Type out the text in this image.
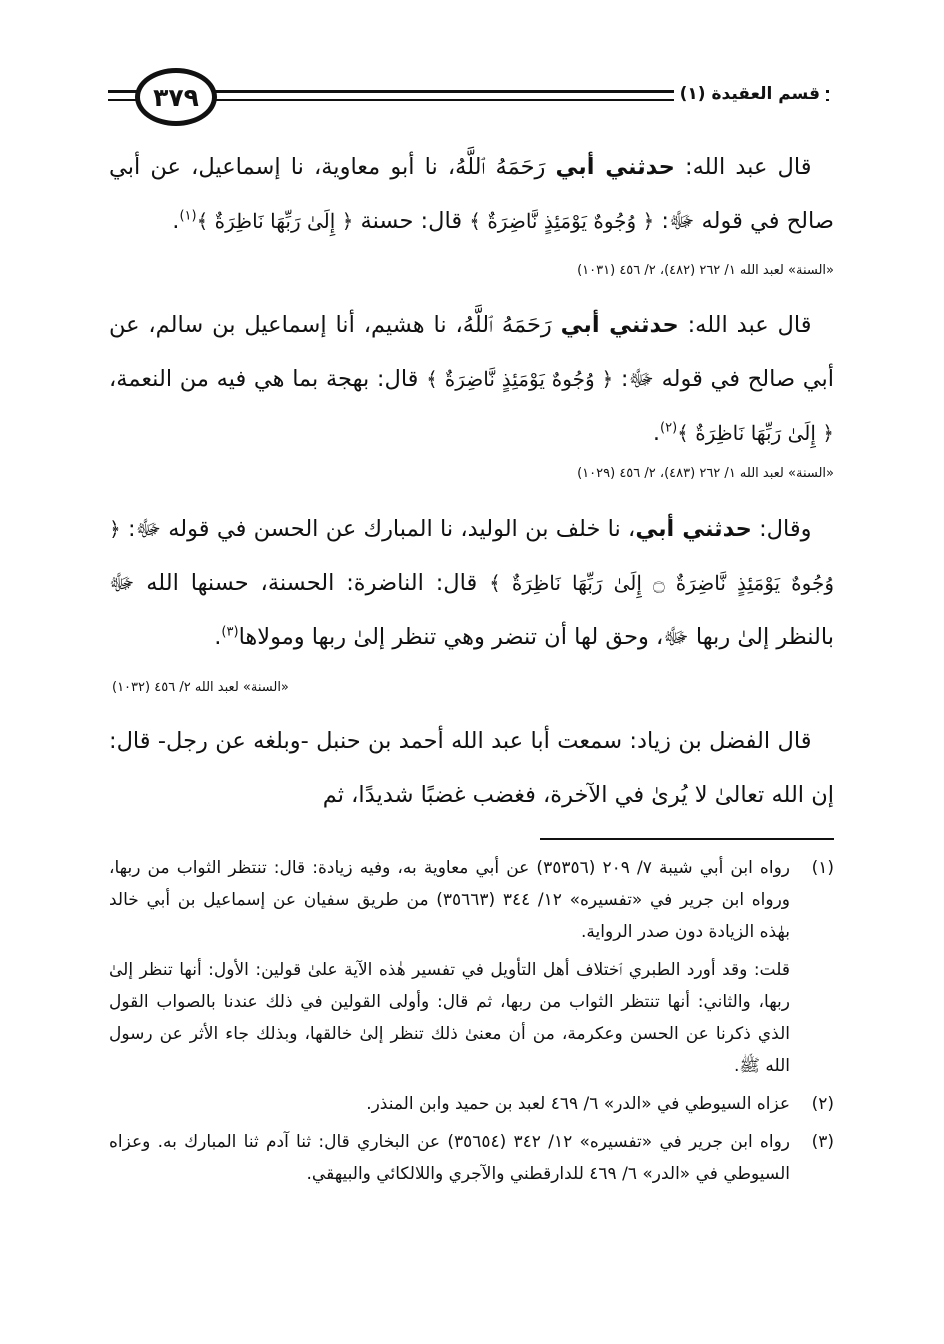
٣٧٩	قسم العقيدة (١)

 قال عبد الله: حدثني أبي رَحَمَهُ ٱللَّهُ، نا أبو معاوية، نا إسماعيل، عن أبي صالح في قوله ﷻ: ﴿ وُجُوهٌ يَوْمَئِذٍ نَّاضِرَةٌ ﴾ قال: حسنة ﴿ إِلَىٰ رَبِّهَا نَاظِرَةٌ ﴾$^{(١)}$.

«السنة» لعبد الله ١/ ٢٦٢ (٤٨٢)، ٢/ ٤٥٦ (١٠٣١)

 قال عبد الله: حدثني أبي رَحَمَهُ ٱللَّهُ، نا هشيم، أنا إسماعيل بن سالم، عن أبي صالح في قوله ﷻ: ﴿ وُجُوهٌ يَوْمَئِذٍ نَّاضِرَةٌ ﴾ قال: بهجة بما هي فيه من النعمة، ﴿ إِلَىٰ رَبِّهَا نَاظِرَةٌ ﴾$^{(٢)}$.

«السنة» لعبد الله ١/ ٢٦٢ (٤٨٣)، ٢/ ٤٥٦ (١٠٢٩)

 وقال: حدثني أبي، نا خلف بن الوليد، نا المبارك عن الحسن في قوله ﷻ: ﴿ وُجُوهٌ يَوْمَئِذٍ نَّاضِرَةٌ ۝ إِلَىٰ رَبِّهَا نَاظِرَةٌ ﴾ قال: الناضرة: الحسنة، حسنها الله ﷻ بالنظر إلىٰ ربها ﷻ، وحق لها أن تنضر وهي تنظر إلىٰ ربها ومولاها$^{(٣)}$.

«السنة» لعبد الله ٢/ ٤٥٦ (١٠٣٢)

 قال الفضل بن زياد: سمعت أبا عبد الله أحمد بن حنبل -وبلغه عن رجل- قال: إن الله تعالىٰ لا يُرىٰ في الآخرة، فغضب غضبًا شديدًا، ثم

(١)
رواه ابن أبي شيبة ٧/ ٢٠٩ (٣٥٣٥٦) عن أبي معاوية به، وفيه زيادة: قال: تنتظر الثواب من ربها، ورواه ابن جرير في «تفسيره» ١٢/ ٣٤٤ (٣٥٦٦٣) من طريق سفيان عن إسماعيل بن أبي خالد بهٰذه الزيادة دون صدر الرواية.
قلت: وقد أورد الطبري ٱختلاف أهل التأويل في تفسير هٰذه الآية علىٰ قولين: الأول: أنها تنظر إلىٰ ربها، والثاني: أنها تنتظر الثواب من ربها، ثم قال: وأولى القولين في ذلك عندنا بالصواب القول الذي ذكرنا عن الحسن وعكرمة، من أن معنىٰ ذلك تنظر إلىٰ خالقها، وبذلك جاء الأثر عن رسول الله ﷺ.
(٢)
عزاه السيوطي في «الدر» ٦/ ٤٦٩ لعبد بن حميد وابن المنذر.
(٣)
رواه ابن جرير في «تفسيره» ١٢/ ٣٤٢ (٣٥٦٥٤) عن البخاري قال: ثنا آدم ثنا المبارك به. وعزاه السيوطي في «الدر» ٦/ ٤٦٩ للدارقطني والآجري واللالكائي والبيهقي.
